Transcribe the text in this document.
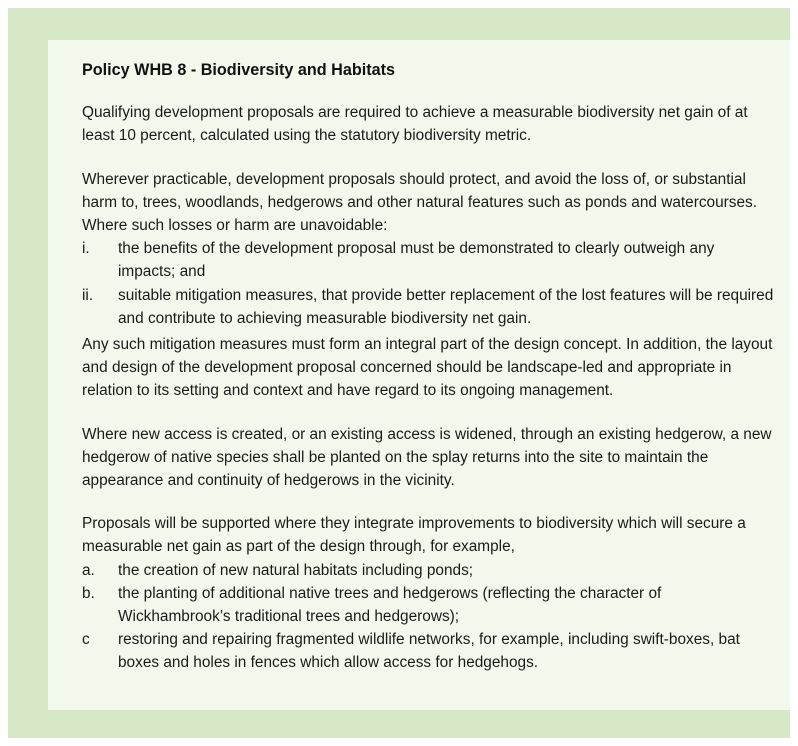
Policy WHB 8 - Biodiversity and Habitats

Qualifying development proposals are required to achieve a measurable biodiversity net gain of at least 10 percent, calculated using the statutory biodiversity metric.

Wherever practicable, development proposals should protect, and avoid the loss of, or substantial harm to, trees, woodlands, hedgerows and other natural features such as ponds and watercourses. Where such losses or harm are unavoidable:

i.	the benefits of the development proposal must be demonstrated to clearly outweigh any impacts; and
ii.	suitable mitigation measures, that provide better replacement of the lost features will be required and contribute to achieving measurable biodiversity net gain.

Any such mitigation measures must form an integral part of the design concept. In addition, the layout and design of the development proposal concerned should be landscape-led and appropriate in relation to its setting and context and have regard to its ongoing management.

Where new access is created, or an existing access is widened, through an existing hedgerow, a new hedgerow of native species shall be planted on the splay returns into the site to maintain the appearance and continuity of hedgerows in the vicinity.

Proposals will be supported where they integrate improvements to biodiversity which will secure a measurable net gain as part of the design through, for example,

a.	the creation of new natural habitats including ponds;
b.	the planting of additional native trees and hedgerows (reflecting the character of Wickhambrook’s traditional trees and hedgerows);
c	restoring and repairing fragmented wildlife networks, for example, including swift-boxes, bat boxes and holes in fences which allow access for hedgehogs.
